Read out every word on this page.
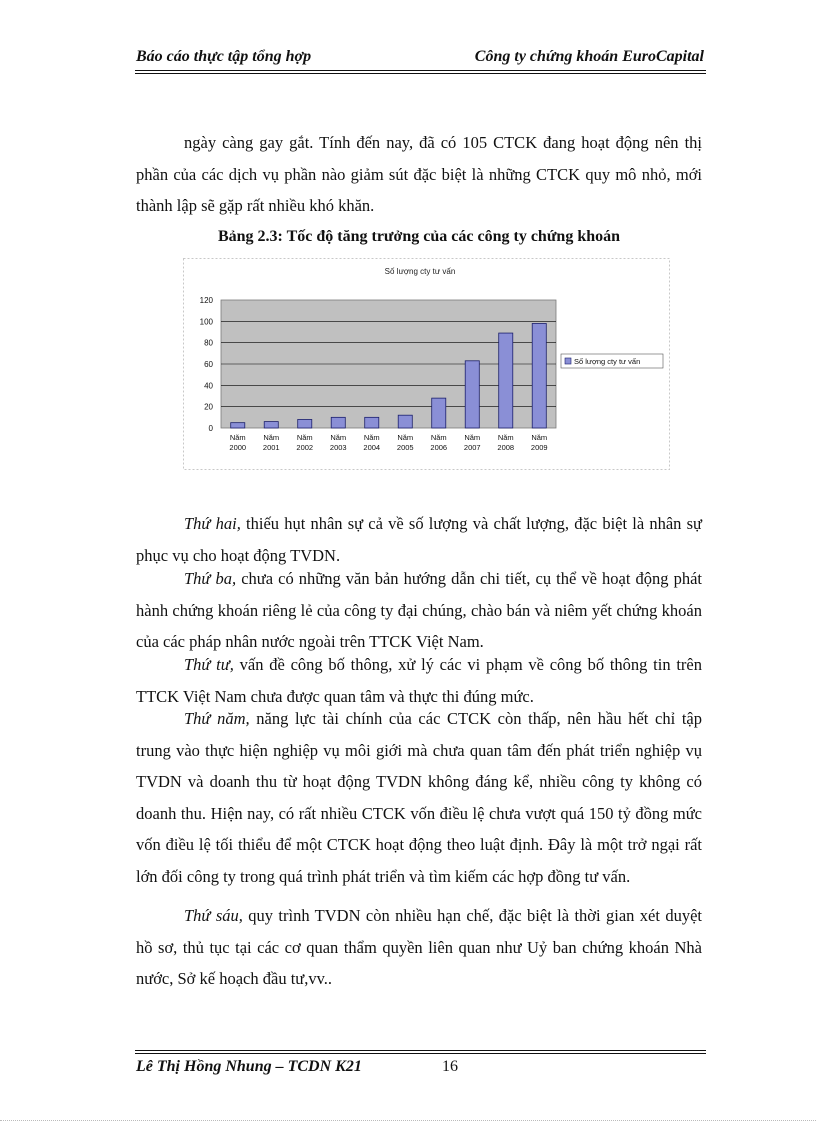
Báo cáo thực tập tổng hợp	Công ty chứng khoán EuroCapital
ngày càng gay gắt. Tính đến nay, đã có 105 CTCK đang hoạt động nên thị phần của các dịch vụ phần nào giảm sút đặc biệt là những CTCK quy mô nhỏ, mới thành lập sẽ gặp rất nhiều khó khăn.
Bảng 2.3: Tốc độ tăng trưởng của các công ty chứng khoán
Số lượng cty tư vấn
0
20
40
60
80
100
120
Năm
2000
Năm
2001
Năm
2002
Năm
2003
Năm
2004
Năm
2005
Năm
2006
Năm
2007
Năm
2008
Năm
2009
Số lượng cty tư vấn
Thứ hai, thiếu hụt nhân sự cả về số lượng và chất lượng, đặc biệt là nhân sự phục vụ cho hoạt động TVDN.
Thứ ba, chưa có những văn bản hướng dẫn chi tiết, cụ thể về hoạt động phát hành chứng khoán riêng lẻ của công ty đại chúng, chào bán và niêm yết chứng khoán của các pháp nhân nước ngoài trên TTCK Việt Nam.
Thứ tư, vấn đề công bố thông, xử lý các vi phạm về công bố thông tin trên TTCK Việt Nam chưa được quan tâm và thực thi đúng mức.
Thứ năm, năng lực tài chính của các CTCK còn thấp, nên hầu hết chỉ tập trung vào thực hiện nghiệp vụ môi giới mà chưa quan tâm đến phát triển nghiệp vụ TVDN và doanh thu từ hoạt động TVDN không đáng kể, nhiều công ty không có doanh thu. Hiện nay, có rất nhiều CTCK vốn điều lệ chưa vượt quá 150 tỷ đồng mức vốn điều lệ tối thiểu để một CTCK hoạt động theo luật định. Đây là một trở ngại rất lớn đối công ty trong quá trình phát triển và tìm kiếm các hợp đồng tư vấn.
Thứ sáu, quy trình TVDN còn nhiều hạn chế, đặc biệt là thời gian xét duyệt hồ sơ, thủ tục tại các cơ quan thẩm quyền liên quan như Uỷ ban chứng khoán Nhà nước, Sở kế hoạch đầu tư,vv..
Lê Thị Hồng Nhung – TCDN K21	16
